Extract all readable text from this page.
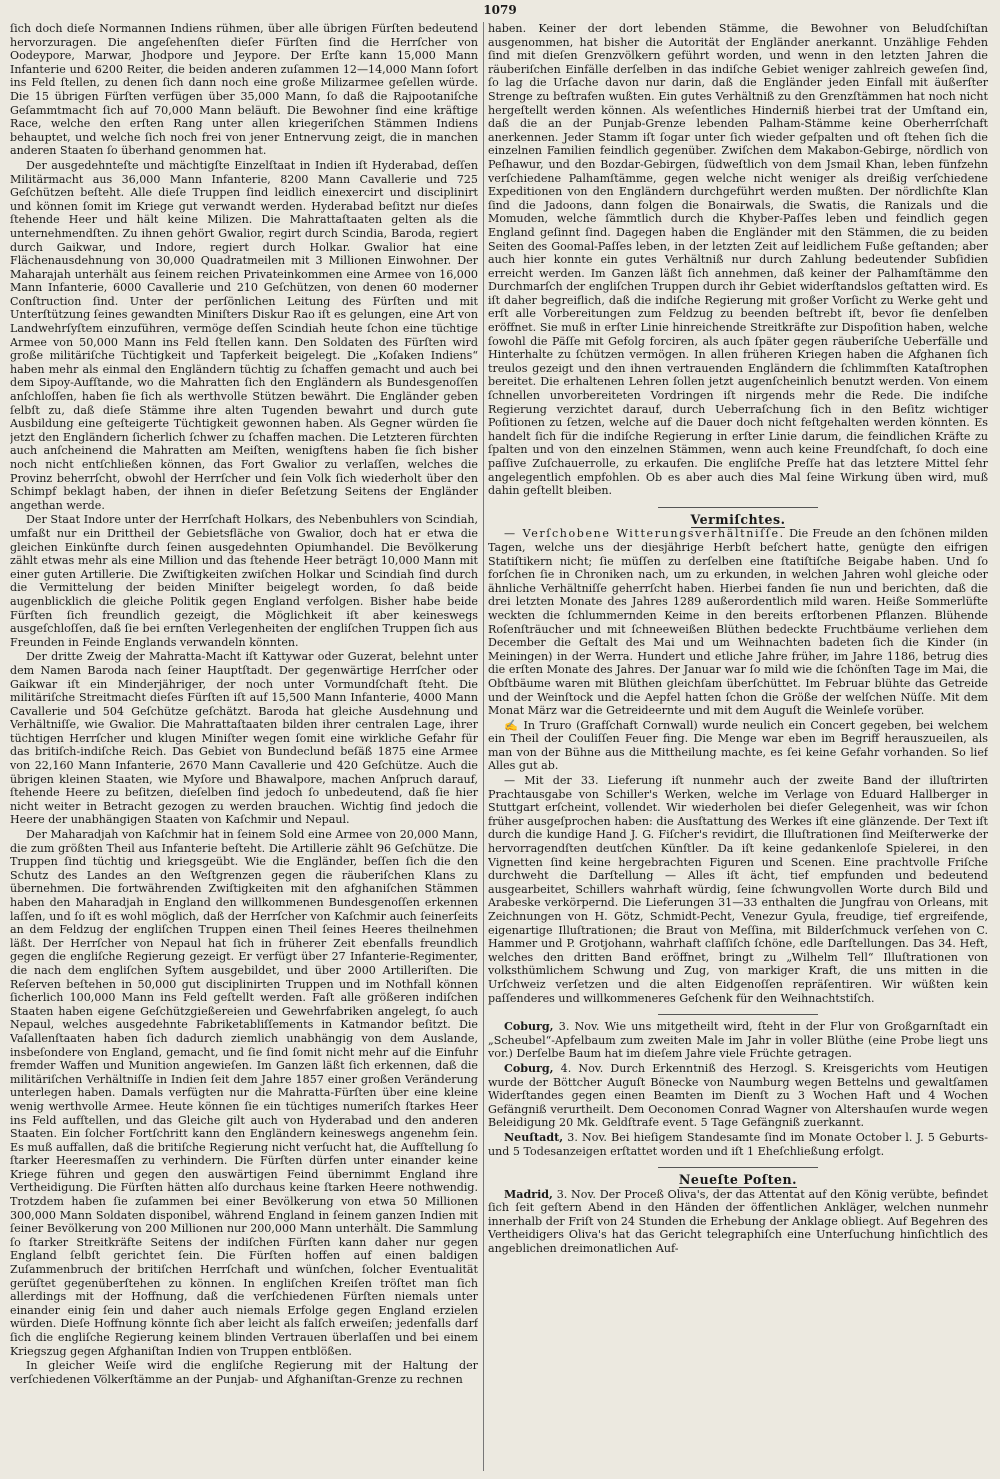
1079

ſich doch dieſe Normannen Indiens rühmen, über alle übrigen Fürſten bedeutend hervorzuragen. Die angeſehenſten dieſer Fürſten ſind die Herrſcher von Oodeypore, Marwar, Jhodpore und Jeypore. Der Erſte kann 15,000 Mann Infanterie und 6200 Reiter, die beiden anderen zuſammen 12—14,000 Mann ſofort ins Feld ſtellen, zu denen ſich dann noch eine große Milizarmee geſellen würde. Die 15 übrigen Fürſten verfügen über 35,000 Mann, ſo daß die Rajpootaniſche Geſammtmacht ſich auf 70,000 Mann beläuft. Die Bewohner ſind eine kräftige Race, welche den erſten Rang unter allen kriegeriſchen Stämmen Indiens behauptet, und welche ſich noch frei von jener Entnervung zeigt, die in manchen anderen Staaten ſo überhand genommen hat.

Der ausgedehnteſte und mächtigſte Einzelſtaat in Indien iſt Hyderabad, deſſen Militärmacht aus 36,000 Mann Infanterie, 8200 Mann Cavallerie und 725 Geſchützen beſteht. Alle dieſe Truppen ſind leidlich einexercirt und disciplinirt und können ſomit im Kriege gut verwandt werden. Hyderabad beſitzt nur dieſes ſtehende Heer und hält keine Milizen. Die Mahrattaſtaaten gelten als die unternehmendſten. Zu ihnen gehört Gwalior, regirt durch Scindia, Baroda, regiert durch Gaikwar, und Indore, regiert durch Holkar. Gwalior hat eine Flächenausdehnung von 30,000 Quadratmeilen mit 3 Millionen Einwohner. Der Maharajah unterhält aus ſeinem reichen Privateinkommen eine Armee von 16,000 Mann Infanterie, 6000 Cavallerie und 210 Geſchützen, von denen 60 moderner Conſtruction ſind. Unter der perſönlichen Leitung des Fürſten und mit Unterſtützung ſeines gewandten Miniſters Diskur Rao iſt es gelungen, eine Art von Landwehrſyſtem einzuführen, vermöge deſſen Scindiah heute ſchon eine tüchtige Armee von 50,000 Mann ins Feld ſtellen kann. Den Soldaten des Fürſten wird große militäriſche Tüchtigkeit und Tapferkeit beigelegt. Die „Koſaken Indiens“ haben mehr als einmal den Engländern tüchtig zu ſchaffen gemacht und auch bei dem Sipoy-Aufſtande, wo die Mahratten ſich den Engländern als Bundesgenoſſen anſchloſſen, haben ſie ſich als werthvolle Stützen bewährt. Die Engländer geben ſelbſt zu, daß dieſe Stämme ihre alten Tugenden bewahrt und durch gute Ausbildung eine geſteigerte Tüchtigkeit gewonnen haben. Als Gegner würden ſie jetzt den Engländern ſicherlich ſchwer zu ſchaffen machen. Die Letzteren fürchten auch anſcheinend die Mahratten am Meiſten, wenigſtens haben ſie ſich bisher noch nicht entſchließen können, das Fort Gwalior zu verlaſſen, welches die Provinz beherrſcht, obwohl der Herrſcher und ſein Volk ſich wiederholt über den Schimpf beklagt haben, der ihnen in dieſer Beſetzung Seitens der Engländer angethan werde.

Der Staat Indore unter der Herrſchaft Holkars, des Nebenbuhlers von Scindiah, umfaßt nur ein Drittheil der Gebietsfläche von Gwalior, doch hat er etwa die gleichen Einkünfte durch ſeinen ausgedehnten Opiumhandel. Die Bevölkerung zählt etwas mehr als eine Million und das ſtehende Heer beträgt 10,000 Mann mit einer guten Artillerie. Die Zwiſtigkeiten zwiſchen Holkar und Scindiah ſind durch die Vermittelung der beiden Miniſter beigelegt worden, ſo daß beide augenblicklich die gleiche Politik gegen England verfolgen. Bisher habe beide Fürſten ſich freundlich gezeigt, die Möglichkeit iſt aber keineswegs ausgeſchloſſen, daß ſie bei ernſten Verlegenheiten der engliſchen Truppen ſich aus Freunden in Feinde Englands verwandeln könnten.

Der dritte Zweig der Mahratta-Macht iſt Kattywar oder Guzerat, belehnt unter dem Namen Baroda nach ſeiner Hauptſtadt. Der gegenwärtige Herrſcher oder Gaikwar iſt ein Minderjähriger, der noch unter Vormundſchaft ſteht. Die militäriſche Streitmacht dieſes Fürſten iſt auf 15,500 Mann Infanterie, 4000 Mann Cavallerie und 504 Geſchütze geſchätzt. Baroda hat gleiche Ausdehnung und Verhältniſſe, wie Gwalior. Die Mahrattaſtaaten bilden ihrer centralen Lage, ihrer tüchtigen Herrſcher und klugen Miniſter wegen ſomit eine wirkliche Gefahr für das britiſch-indiſche Reich. Das Gebiet von Bundeclund beſäß 1875 eine Armee von 22,160 Mann Infanterie, 2670 Mann Cavallerie und 420 Geſchütze. Auch die übrigen kleinen Staaten, wie Myſore und Bhawalpore, machen Anſpruch darauf, ſtehende Heere zu beſitzen, dieſelben ſind jedoch ſo unbedeutend, daß ſie hier nicht weiter in Betracht gezogen zu werden brauchen. Wichtig ſind jedoch die Heere der unabhängigen Staaten von Kaſchmir und Nepaul.

Der Maharadjah von Kaſchmir hat in ſeinem Sold eine Armee von 20,000 Mann, die zum größten Theil aus Infanterie beſteht. Die Artillerie zählt 96 Geſchütze. Die Truppen ſind tüchtig und kriegsgeübt. Wie die Engländer, beſſen ſich die den Schutz des Landes an den Weſtgrenzen gegen die räuberiſchen Klans zu übernehmen. Die fortwährenden Zwiſtigkeiten mit den afghaniſchen Stämmen haben den Maharadjah in England den willkommenen Bundesgenoſſen erkennen laſſen, und ſo iſt es wohl möglich, daß der Herrſcher von Kaſchmir auch ſeinerſeits an dem Feldzug der engliſchen Truppen einen Theil ſeines Heeres theilnehmen läßt. Der Herrſcher von Nepaul hat ſich in früherer Zeit ebenfalls freundlich gegen die engliſche Regierung gezeigt. Er verfügt über 27 Infanterie-Regimenter, die nach dem engliſchen Syſtem ausgebildet, und über 2000 Artilleriſten. Die Reſerven beſtehen in 50,000 gut disciplinirten Truppen und im Nothfall können ſicherlich 100,000 Mann ins Feld geſtellt werden. Faſt alle größeren indiſchen Staaten haben eigene Geſchützgießereien und Gewehrfabriken angelegt, ſo auch Nepaul, welches ausgedehnte Fabriketabliſſements in Katmandor beſitzt. Die Vaſallenſtaaten haben ſich dadurch ziemlich unabhängig von dem Auslande, insbeſondere von England, gemacht, und ſie ſind ſomit nicht mehr auf die Einfuhr fremder Waffen und Munition angewieſen. Im Ganzen läßt ſich erkennen, daß die militäriſchen Verhältniſſe in Indien ſeit dem Jahre 1857 einer großen Veränderung unterlegen haben. Damals verfügten nur die Mahratta-Fürſten über eine kleine wenig werthvolle Armee. Heute können ſie ein tüchtiges numeriſch ſtarkes Heer ins Feld aufſtellen, und das Gleiche gilt auch von Hyderabad und den anderen Staaten. Ein ſolcher Fortſchritt kann den Engländern keineswegs angenehm ſein. Es muß auffallen, daß die britiſche Regierung nicht verſucht hat, die Aufſtellung ſo ſtarker Heeresmaſſen zu verhindern. Die Fürſten dürfen unter einander keine Kriege führen und gegen den auswärtigen Feind übernimmt England ihre Vertheidigung. Die Fürſten hätten alſo durchaus keine ſtarken Heere nothwendig. Trotzdem haben ſie zuſammen bei einer Bevölkerung von etwa 50 Millionen 300,000 Mann Soldaten disponibel, während England in ſeinem ganzen Indien mit ſeiner Bevölkerung von 200 Millionen nur 200,000 Mann unterhält. Die Sammlung ſo ſtarker Streitkräfte Seitens der indiſchen Fürſten kann daher nur gegen England ſelbſt gerichtet ſein. Die Fürſten hoffen auf einen baldigen Zuſammenbruch der britiſchen Herrſchaft und wünſchen, ſolcher Eventualität gerüſtet gegenüberſtehen zu können. In engliſchen Kreiſen tröſtet man ſich allerdings mit der Hoffnung, daß die verſchiedenen Fürſten niemals unter einander einig ſein und daher auch niemals Erfolge gegen England erzielen würden. Dieſe Hoffnung könnte ſich aber leicht als falſch erweiſen; jedenfalls darf ſich die engliſche Regierung keinem blinden Vertrauen überlaſſen und bei einem Kriegszug gegen Afghaniſtan Indien von Truppen entblößen.

In gleicher Weiſe wird die engliſche Regierung mit der Haltung der verſchiedenen Völkerſtämme an der Punjab- und Afghaniſtan-Grenze zu rechnen

haben. Keiner der dort lebenden Stämme, die Bewohner von Beludſchiſtan ausgenommen, hat bisher die Autorität der Engländer anerkannt. Unzählige Fehden ſind mit dieſen Grenzvölkern geführt worden, und wenn in den letzten Jahren die räuberiſchen Einfälle derſelben in das indiſche Gebiet weniger zahlreich geweſen ſind, ſo lag die Urſache davon nur darin, daß die Engländer jeden Einfall mit äußerſter Strenge zu beſtrafen wußten. Ein gutes Verhältniß zu den Grenzſtämmen hat noch nicht hergeſtellt werden können. Als weſentliches Hinderniß hierbei trat der Umſtand ein, daß die an der Punjab-Grenze lebenden Palham-Stämme keine Oberherrſchaft anerkennen. Jeder Stamm iſt ſogar unter ſich wieder geſpalten und oft ſtehen ſich die einzelnen Familien feindlich gegenüber. Zwiſchen dem Makabon-Gebirge, nördlich von Peſhawur, und den Bozdar-Gebirgen, ſüdweſtlich von dem Jsmail Khan, leben fünfzehn verſchiedene Palhamſtämme, gegen welche nicht weniger als dreißig verſchiedene Expeditionen von den Engländern durchgeführt werden mußten. Der nördlichſte Klan ſind die Jadoons, dann folgen die Bonairwals, die Swatis, die Ranizals und die Momuden, welche ſämmtlich durch die Khyber-Paſſes leben und feindlich gegen England geſinnt ſind. Dagegen haben die Engländer mit den Stämmen, die zu beiden Seiten des Goomal-Paſſes leben, in der letzten Zeit auf leidlichem Fuße geſtanden; aber auch hier konnte ein gutes Verhältniß nur durch Zahlung bedeutender Subſidien erreicht werden. Im Ganzen läßt ſich annehmen, daß keiner der Palhamſtämme den Durchmarſch der engliſchen Truppen durch ihr Gebiet widerſtandslos geſtatten wird. Es iſt daher begreiflich, daß die indiſche Regierung mit großer Vorſicht zu Werke geht und erſt alle Vorbereitungen zum Feldzug zu beenden beſtrebt iſt, bevor ſie denſelben eröffnet. Sie muß in erſter Linie hinreichende Streitkräfte zur Dispoſition haben, welche ſowohl die Päſſe mit Gefolg forciren, als auch ſpäter gegen räuberiſche Ueberfälle und Hinterhalte zu ſchützen vermögen. In allen früheren Kriegen haben die Afghanen ſich treulos gezeigt und den ihnen vertrauenden Engländern die ſchlimmſten Kataſtrophen bereitet. Die erhaltenen Lehren ſollen jetzt augenſcheinlich benutzt werden. Von einem ſchnellen unvorbereiteten Vordringen iſt nirgends mehr die Rede. Die indiſche Regierung verzichtet darauf, durch Ueberraſchung ſich in den Beſitz wichtiger Poſitionen zu ſetzen, welche auf die Dauer doch nicht feſtgehalten werden könnten. Es handelt ſich für die indiſche Regierung in erſter Linie darum, die feindlichen Kräfte zu ſpalten und von den einzelnen Stämmen, wenn auch keine Freundſchaft, ſo doch eine paſſive Zuſchauerrolle, zu erkaufen. Die engliſche Preſſe hat das letztere Mittel ſehr angelegentlich empfohlen. Ob es aber auch dies Mal ſeine Wirkung üben wird, muß dahin geſtellt bleiben.

Vermiſchtes.

— Verſchobene Witterungsverhältniſſe. Die Freude an den ſchönen milden Tagen, welche uns der diesjährige Herbſt beſchert hatte, genügte den eifrigen Statiſtikern nicht; ſie müſſen zu derſelben eine ſtatiſtiſche Beigabe haben. Und ſo forſchen ſie in Chroniken nach, um zu erkunden, in welchen Jahren wohl gleiche oder ähnliche Verhältniſſe geherrſcht haben. Hierbei fanden ſie nun und berichten, daß die drei letzten Monate des Jahres 1289 außerordentlich mild waren. Heiße Sommerlüfte weckten die ſchlummernden Keime in den bereits erſtorbenen Pflanzen. Blühende Roſenſträucher und mit ſchneeweißen Blüthen bedeckte Fruchtbäume verliehen dem December die Geſtalt des Mai und um Weihnachten badeten ſich die Kinder (in Meiningen) in der Werra. Hundert und etliche Jahre früher, im Jahre 1186, betrug dies die erſten Monate des Jahres. Der Januar war ſo mild wie die ſchönſten Tage im Mai, die Obſtbäume waren mit Blüthen gleichſam überſchüttet. Im Februar blühte das Getreide und der Weinſtock und die Aepfel hatten ſchon die Größe der welſchen Nüſſe. Mit dem Monat März war die Getreideernte und mit dem Auguſt die Weinleſe vorüber.

✍ In Truro (Grafſchaft Cornwall) wurde neulich ein Concert gegeben, bei welchem ein Theil der Couliſſen Feuer fing. Die Menge war eben im Begriff herauszueilen, als man von der Bühne aus die Mittheilung machte, es ſei keine Gefahr vorhanden. So lief Alles gut ab.

— Mit der 33. Lieferung iſt nunmehr auch der zweite Band der illuſtrirten Prachtausgabe von Schiller's Werken, welche im Verlage von Eduard Hallberger in Stuttgart erſcheint, vollendet. Wir wiederholen bei dieſer Gelegenheit, was wir ſchon früher ausgeſprochen haben: die Ausſtattung des Werkes iſt eine glänzende. Der Text iſt durch die kundige Hand J. G. Fiſcher's revidirt, die Illuſtrationen ſind Meiſterwerke der hervorragendſten deutſchen Künſtler. Da iſt keine gedankenloſe Spielerei, in den Vignetten ſind keine hergebrachten Figuren und Scenen. Eine prachtvolle Friſche durchweht die Darſtellung — Alles iſt ächt, tief empfunden und bedeutend ausgearbeitet, Schillers wahrhaft würdig, ſeine ſchwungvollen Worte durch Bild und Arabeske verkörpernd. Die Lieferungen 31—33 enthalten die Jungfrau von Orleans, mit Zeichnungen von H. Götz, Schmidt-Pecht, Venezur Gyula, freudige, tief ergreifende, eigenartige Illuſtrationen; die Braut von Meſſina, mit Bilderſchmuck verſehen von C. Hammer und P. Grotjohann, wahrhaft claſſiſch ſchöne, edle Darſtellungen. Das 34. Heft, welches den dritten Band eröffnet, bringt zu „Wilhelm Tell“ Illuſtrationen von volksthümlichem Schwung und Zug, von markiger Kraft, die uns mitten in die Urſchweiz verſetzen und die alten Eidgenoſſen repräſentiren. Wir wüßten kein paſſenderes und willkommeneres Geſchenk für den Weihnachtstiſch.

Coburg, 3. Nov. Wie uns mitgetheilt wird, ſteht in der Flur von Großgarnſtadt ein „Scheubel“-Apfelbaum zum zweiten Male im Jahr in voller Blüthe (eine Probe liegt uns vor.) Derſelbe Baum hat im dieſem Jahre viele Früchte getragen.

Coburg, 4. Nov. Durch Erkenntniß des Herzogl. S. Kreisgerichts vom Heutigen wurde der Böttcher Auguſt Bönecke von Naumburg wegen Bettelns und gewaltſamen Widerſtandes gegen einen Beamten im Dienſt zu 3 Wochen Haft und 4 Wochen Gefängniß verurtheilt. Dem Oeconomen Conrad Wagner von Altershauſen wurde wegen Beleidigung 20 Mk. Geldſtrafe event. 5 Tage Gefängniß zuerkannt.

Neuſtadt, 3. Nov. Bei hieſigem Standesamte ſind im Monate October l. J. 5 Geburts- und 5 Todesanzeigen erſtattet worden und iſt 1 Eheſchließung erfolgt.

Neueſte Poſten.

Madrid, 3. Nov. Der Proceß Oliva's, der das Attentat auf den König verübte, befindet ſich ſeit geſtern Abend in den Händen der öffentlichen Ankläger, welchen nunmehr innerhalb der Friſt von 24 Stunden die Erhebung der Anklage obliegt. Auf Begehren des Vertheidigers Oliva's hat das Gericht telegraphiſch eine Unterſuchung hinſichtlich des angeblichen dreimonatlichen Auf-
